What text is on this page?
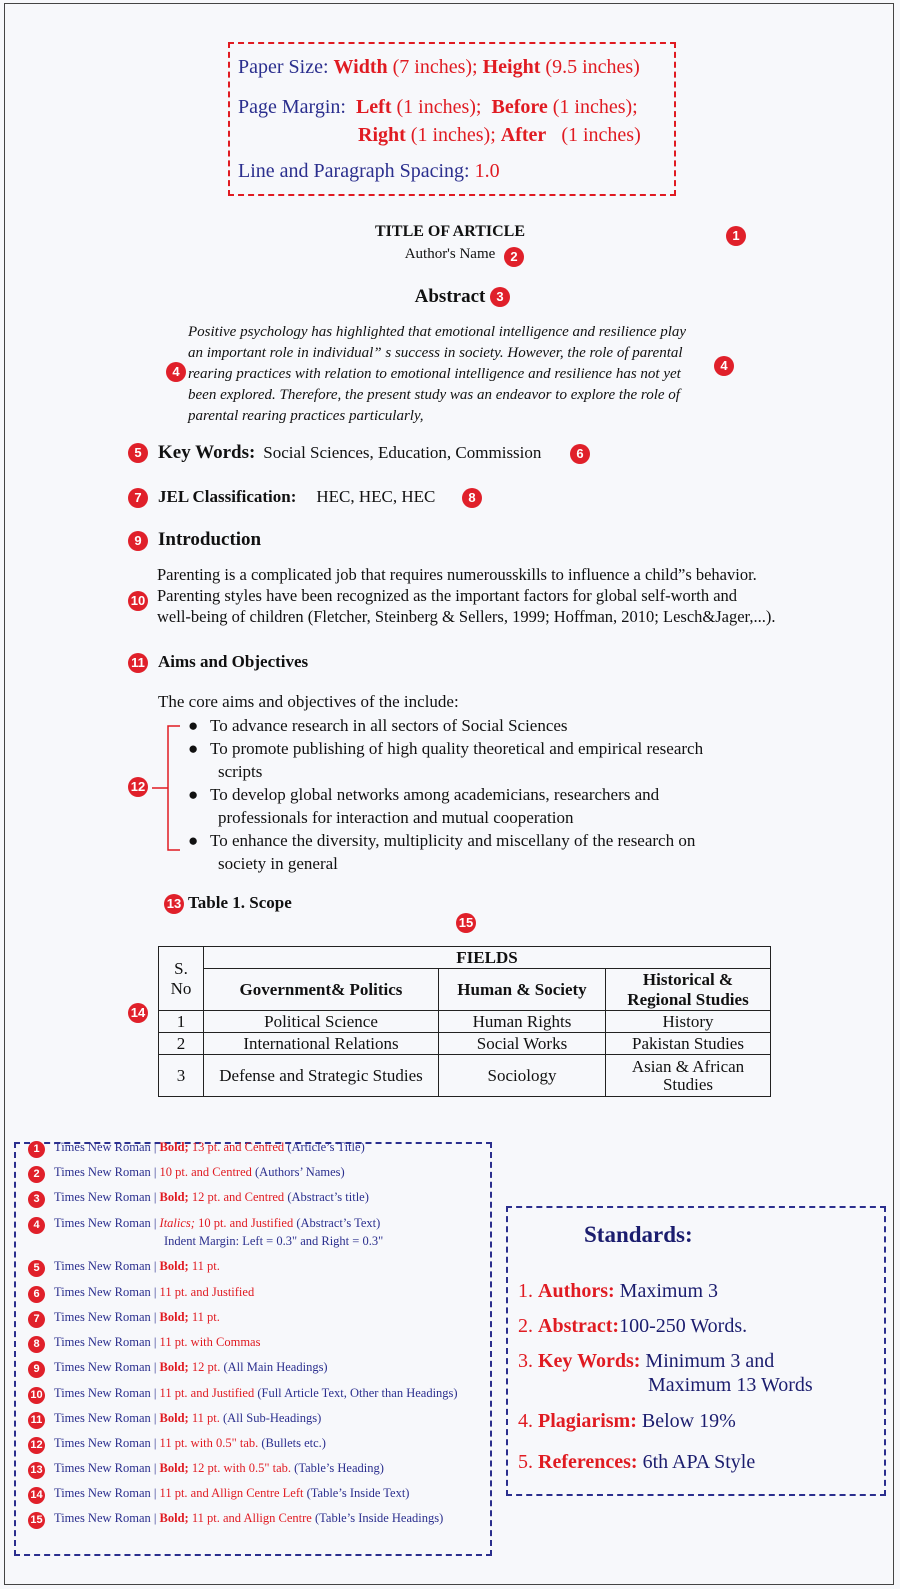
Paper Size: Width (7 inches); Height (9.5 inches)
Page Margin: Left (1 inches); Before (1 inches);
Right (1 inches); After (1 inches)
Line and Paragraph Spacing: 1.0
TITLE OF ARTICLE	1
Author's Name	2
Abstract 3
Positive psychology has highlighted that emotional intelligence and resilience play
an important role in individual” s success in society. However, the role of parental
rearing practices with relation to emotional intelligence and resilience has not yet
been explored. Therefore, the present study was an endeavor to explore the role of
parental rearing practices particularly,
4	4
5 Key Words: Social Sciences, Education, Commission	6
7 JEL Classification: HEC, HEC, HEC	8
9 Introduction
10
Parenting is a complicated job that requires numerousskills to influence a child”s behavior.
Parenting styles have been recognized as the important factors for global self-worth and
well-being of children (Fletcher, Steinberg & Sellers, 1999; Hoffman, 2010; Lesch&Jager,...).
11 Aims and Objectives
The core aims and objectives of the include:
12
● To advance research in all sectors of Social Sciences
● To promote publishing of high quality theoretical and empirical research
scripts
● To develop global networks among academicians, researchers and
professionals for interaction and mutual cooperation
● To enhance the diversity, multiplicity and miscellany of the research on
society in general
13 Table 1. Scope
15
14
S. No	FIELDS		
	Government& Politics	Human & Society	Historical & Regional Studies
1	Political Science	Human Rights	History
2	International Relations	Social Works	Pakistan Studies
3	Defense and Strategic Studies	Sociology	Asian & African Studies
1	Times New Roman | Bold; 13 pt. and Centred (Article’s Title)
2	Times New Roman | 10 pt. and Centred (Authors’ Names)
3	Times New Roman | Bold; 12 pt. and Centred (Abstract’s title)
4	Times New Roman | Italics; 10 pt. and Justified (Abstract’s Text)
Indent Margin: Left = 0.3" and Right = 0.3"
5	Times New Roman | Bold; 11 pt.
6	Times New Roman | 11 pt. and Justified
7	Times New Roman | Bold; 11 pt.
8	Times New Roman | 11 pt. with Commas
9	Times New Roman | Bold; 12 pt. (All Main Headings)
10 Times New Roman | 11 pt. and Justified (Full Article Text, Other than Headings)
11 Times New Roman | Bold; 11 pt. (All Sub-Headings)
12 Times New Roman | 11 pt. with 0.5" tab. (Bullets etc.)
13 Times New Roman | Bold; 12 pt. with 0.5" tab. (Table’s Heading)
14 Times New Roman | 11 pt. and Allign Centre Left (Table’s Inside Text)
15 Times New Roman | Bold; 11 pt. and Allign Centre (Table’s Inside Headings)
Standards:
1. Authors: Maximum 3
2. Abstract:100-250 Words.
3. Key Words: Minimum 3 and
Maximum 13 Words
4. Plagiarism: Below 19%
5. References: 6th APA Style
